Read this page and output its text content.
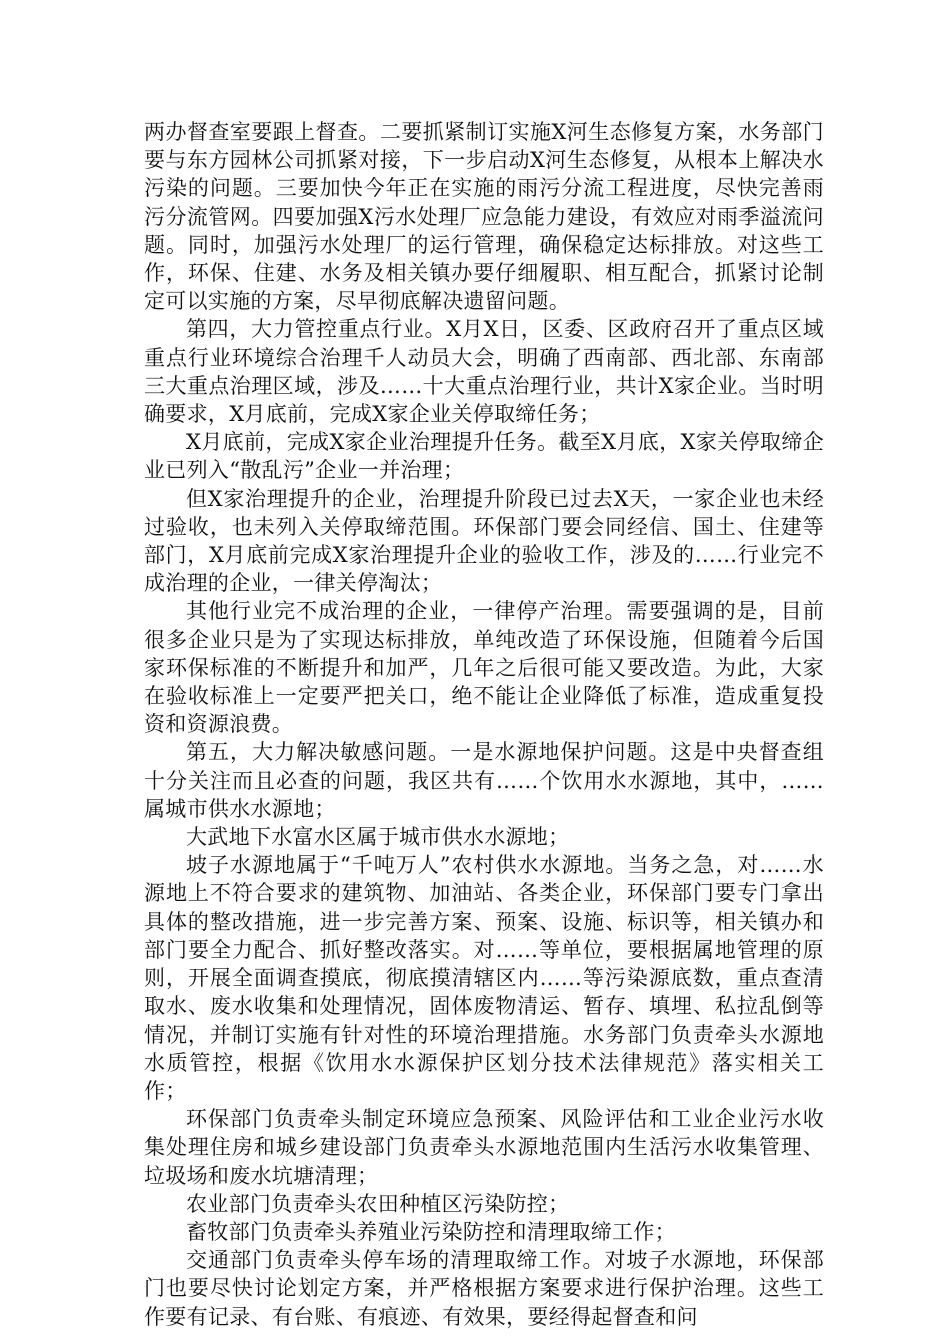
两办督查室要跟上督查。二要抓紧制订实施X河生态修复方案，水务部门要与东方园林公司抓紧对接，下一步启动X河生态修复，从根本上解决水污染的问题。三要加快今年正在实施的雨污分流工程进度，尽快完善雨污分流管网。四要加强X污水处理厂应急能力建设，有效应对雨季溢流问题。同时，加强污水处理厂的运行管理，确保稳定达标排放。对这些工作，环保、住建、水务及相关镇办要仔细履职、相互配合，抓紧讨论制定可以实施的方案，尽早彻底解决遗留问题。

第四，大力管控重点行业。X月X日，区委、区政府召开了重点区域重点行业环境综合治理千人动员大会，明确了西南部、西北部、东南部三大重点治理区域，涉及……十大重点治理行业，共计X家企业。当时明确要求，X月底前，完成X家企业关停取缔任务；

X月底前，完成X家企业治理提升任务。截至X月底，X家关停取缔企业已列入“散乱污”企业一并治理；

但X家治理提升的企业，治理提升阶段已过去X天，一家企业也未经过验收，也未列入关停取缔范围。环保部门要会同经信、国土、住建等部门，X月底前完成X家治理提升企业的验收工作，涉及的……行业完不成治理的企业，一律关停淘汰；

其他行业完不成治理的企业，一律停产治理。需要强调的是，目前很多企业只是为了实现达标排放，单纯改造了环保设施，但随着今后国家环保标准的不断提升和加严，几年之后很可能又要改造。为此，大家在验收标准上一定要严把关口，绝不能让企业降低了标准，造成重复投资和资源浪费。

第五，大力解决敏感问题。一是水源地保护问题。这是中央督查组十分关注而且必查的问题，我区共有……个饮用水水源地，其中，……属城市供水水源地；

大武地下水富水区属于城市供水水源地；

坡子水源地属于“千吨万人”农村供水水源地。当务之急，对……水源地上不符合要求的建筑物、加油站、各类企业，环保部门要专门拿出具体的整改措施，进一步完善方案、预案、设施、标识等，相关镇办和部门要全力配合、抓好整改落实。对……等单位，要根据属地管理的原则，开展全面调查摸底，彻底摸清辖区内……等污染源底数，重点查清取水、废水收集和处理情况，固体废物清运、暂存、填埋、私拉乱倒等情况，并制订实施有针对性的环境治理措施。水务部门负责牵头水源地水质管控，根据《饮用水水源保护区划分技术法律规范》落实相关工作；

环保部门负责牵头制定环境应急预案、风险评估和工业企业污水收集处理住房和城乡建设部门负责牵头水源地范围内生活污水收集管理、垃圾场和废水坑塘清理；

农业部门负责牵头农田种植区污染防控；

畜牧部门负责牵头养殖业污染防控和清理取缔工作；

交通部门负责牵头停车场的清理取缔工作。对坡子水源地，环保部门也要尽快讨论划定方案，并严格根据方案要求进行保护治理。这些工作要有记录、有台账、有痕迹、有效果，要经得起督查和问
